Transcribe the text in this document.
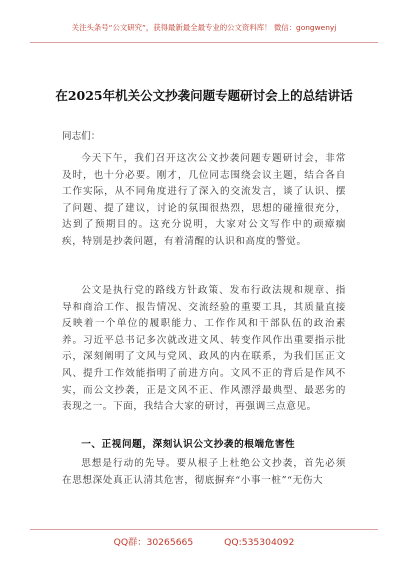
关注头条号“公文研究”，获得最新最全最专业的公文资料库！ 微信：gongwenyj
在2025年机关公文抄袭问题专题研讨会上的总结讲话
同志们：

今天下午，我们召开这次公文抄袭问题专题研讨会，非常及时，也十分必要。刚才，几位同志围绕会议主题，结合各自工作实际，从不同角度进行了深入的交流发言，谈了认识、摆了问题、提了建议，讨论的氛围很热烈，思想的碰撞很充分，达到了预期目的。这充分说明，大家对公文写作中的顽瘴痼疾，特别是抄袭问题，有着清醒的认识和高度的警觉。

公文是执行党的路线方针政策、发布行政法规和规章、指导和商洽工作、报告情况、交流经验的重要工具，其质量直接反映着一个单位的履职能力、工作作风和干部队伍的政治素养。习近平总书记多次就改进文风、转变作风作出重要指示批示，深刻阐明了文风与党风、政风的内在联系，为我们匡正文风、提升工作效能指明了前进方向。文风不正的背后是作风不实，而公文抄袭，正是文风不正、作风漂浮最典型、最恶劣的表现之一。下面，我结合大家的研讨，再强调三点意见。

一、正视问题，深刻认识公文抄袭的根端危害性

思想是行动的先导。要从根子上杜绝公文抄袭，首先必须在思想深处真正认清其危害，彻底摒弃“小事一桩”“无伤大

QQ群：30265665	QQ:535304092
